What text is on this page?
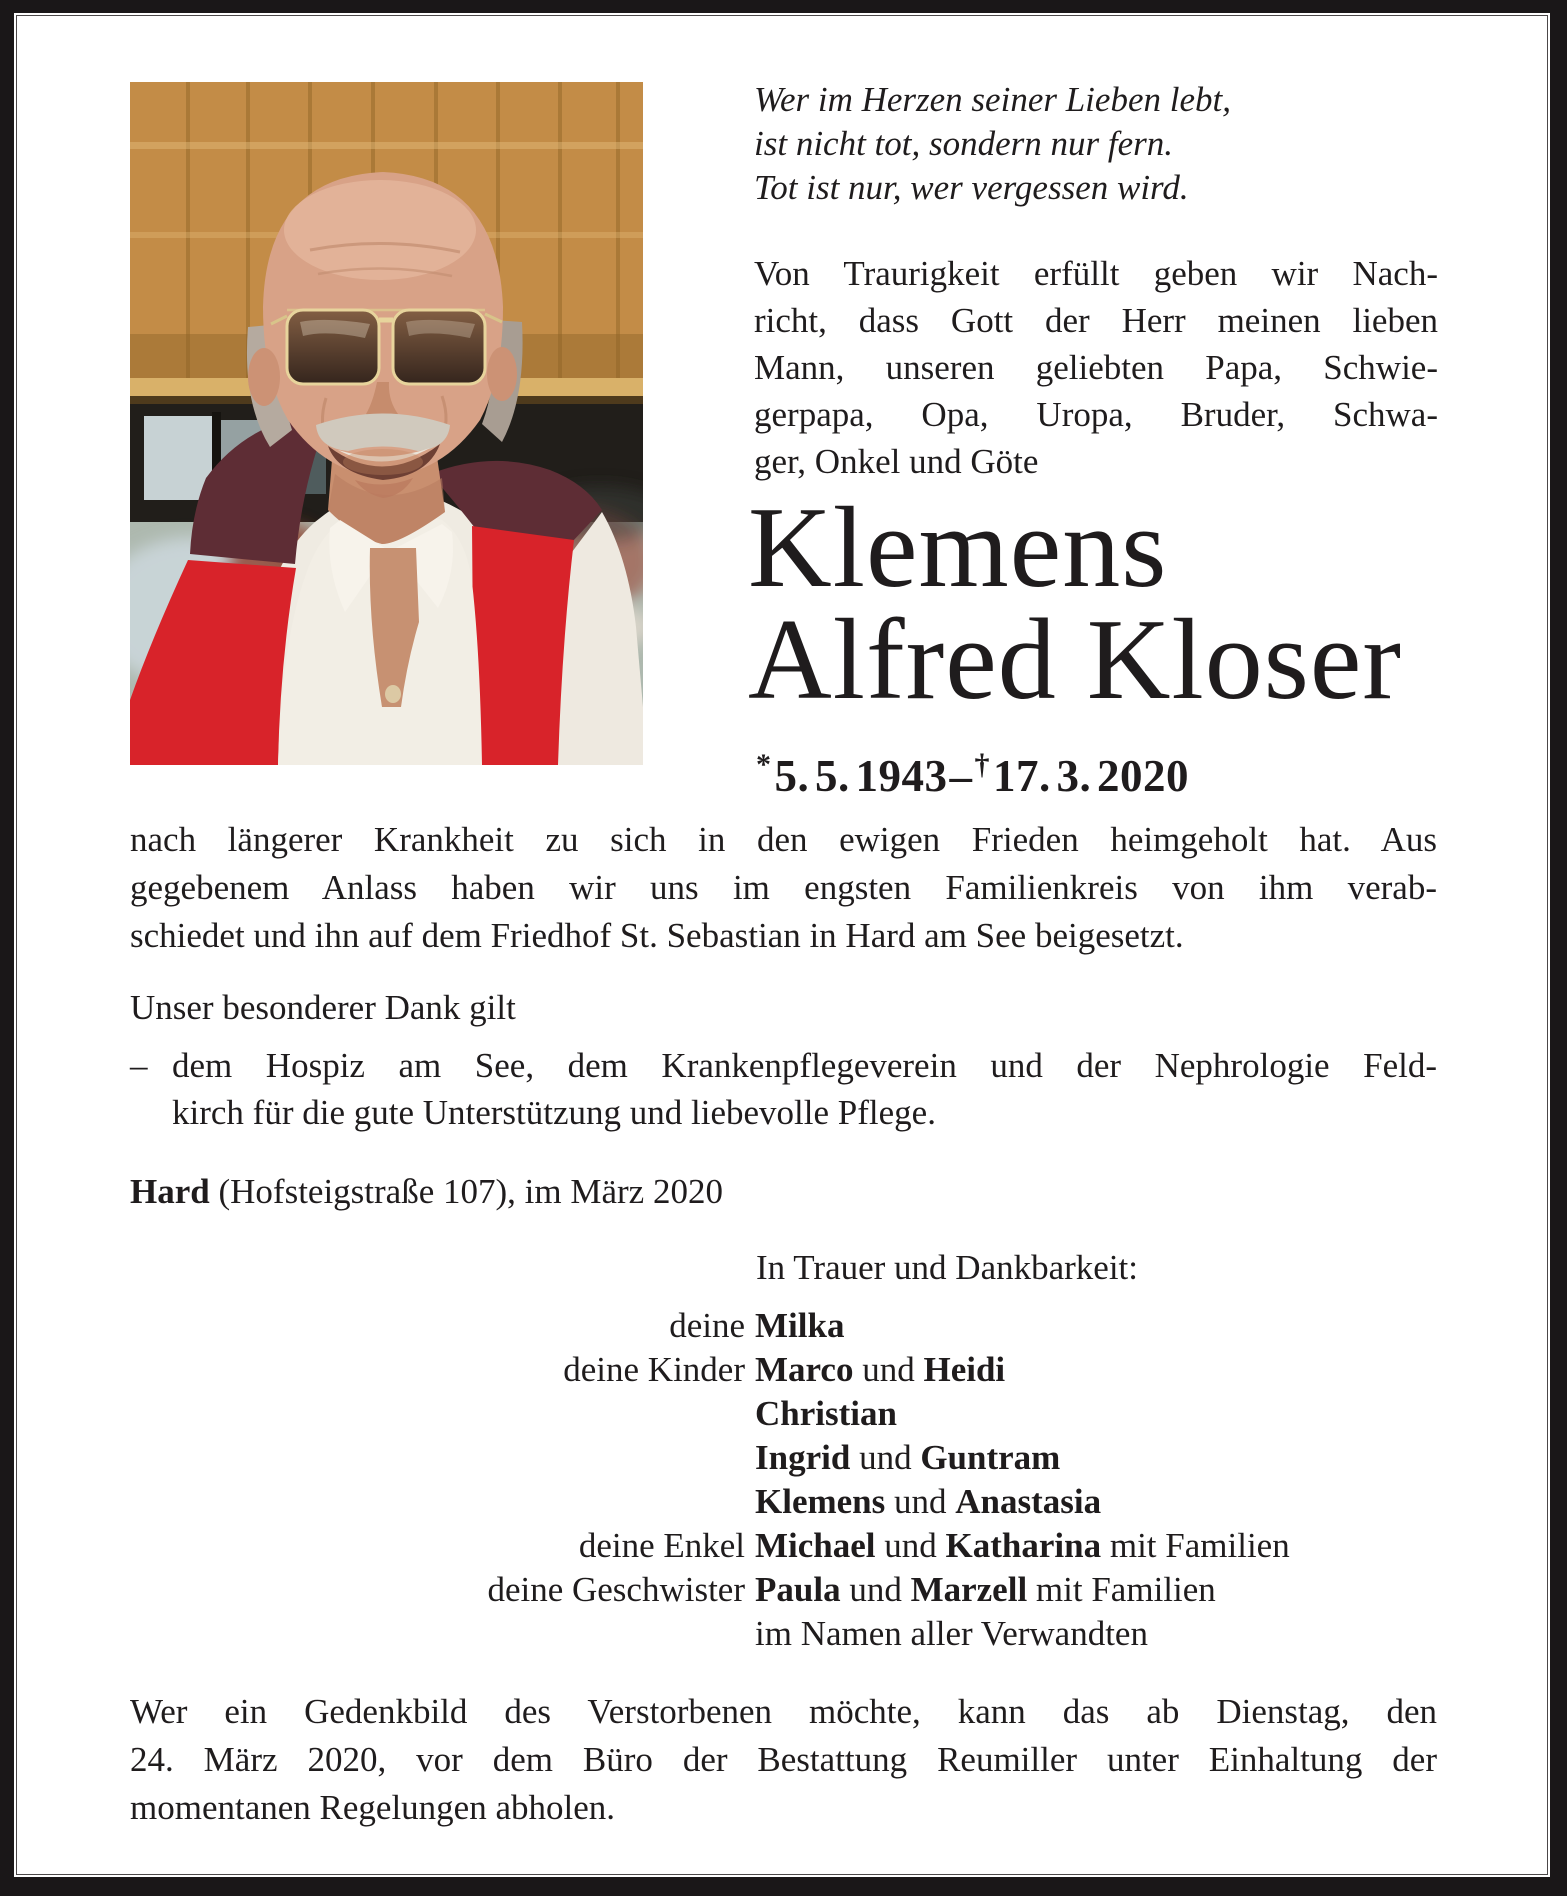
Wer im Herzen seiner Lieben lebt,
ist nicht tot, sondern nur fern.
Tot ist nur, wer vergessen wird.
Von Traurigkeit erfüllt geben wir Nach-
richt, dass Gott der Herr meinen lieben
Mann, unseren geliebten Papa, Schwie-
gerpapa, Opa, Uropa, Bruder, Schwa-
ger, Onkel und Göte
Klemens
Alfred Kloser
*5. 5. 1943–†17. 3. 2020
nach längerer Krankheit zu sich in den ewigen Frieden heimgeholt hat. Aus
gegebenem Anlass haben wir uns im engsten Familienkreis von ihm verab-
schiedet und ihn auf dem Friedhof St. Sebastian in Hard am See beigesetzt.
Unser besonderer Dank gilt
– dem Hospiz am See, dem Krankenpflegeverein und der Nephrologie Feld-
kirch für die gute Unterstützung und liebevolle Pflege.
Hard (Hofsteigstraße 107), im März 2020
In Trauer und Dankbarkeit:
deine Milka
deine Kinder Marco und Heidi
Christian
Ingrid und Guntram
Klemens und Anastasia
deine Enkel Michael und Katharina mit Familien
deine Geschwister Paula und Marzell mit Familien
im Namen aller Verwandten
Wer ein Gedenkbild des Verstorbenen möchte, kann das ab Dienstag, den
24. März 2020, vor dem Büro der Bestattung Reumiller unter Einhaltung der
momentanen Regelungen abholen.
